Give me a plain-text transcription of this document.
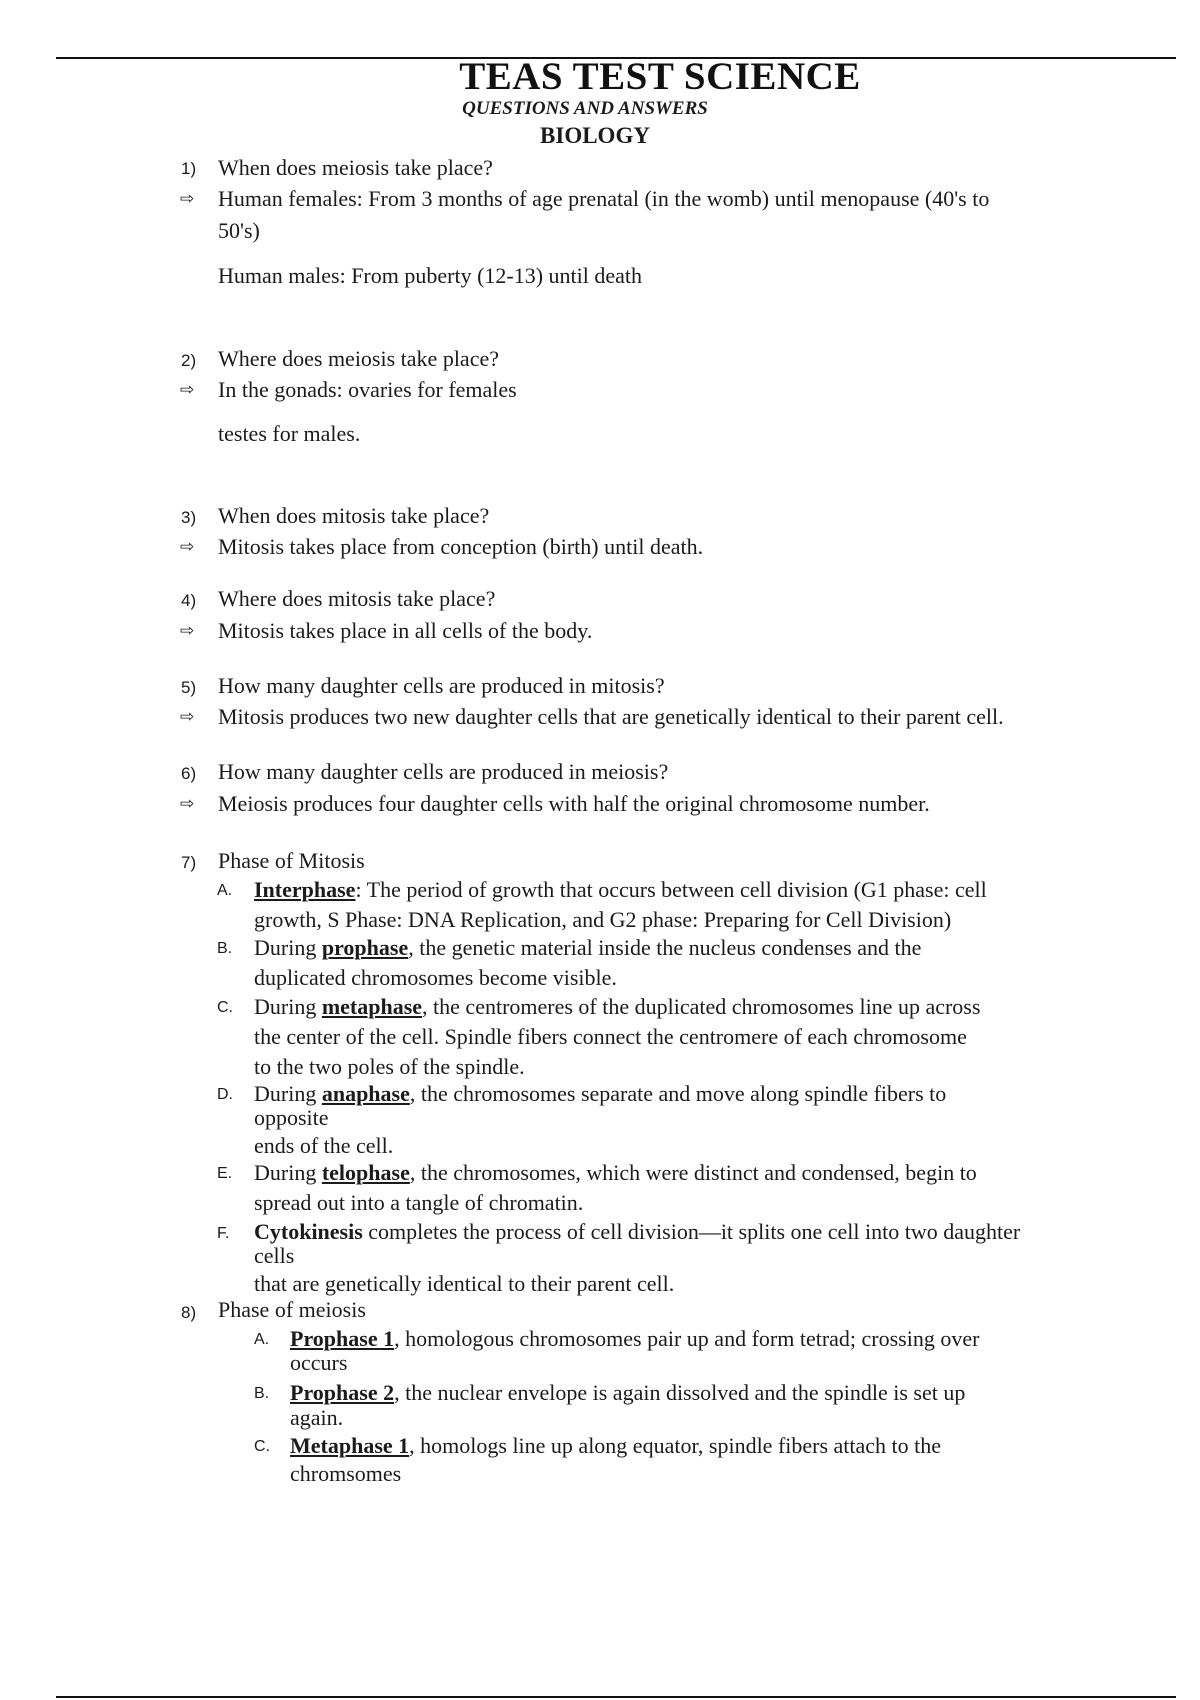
TEAS TEST SCIENCE
QUESTIONS AND ANSWERS
BIOLOGY
1) When does meiosis take place?
⇨ Human females: From 3 months of age prenatal (in the womb) until menopause (40's to
50's)
Human males: From puberty (12-13) until death
2) Where does meiosis take place?
⇨ In the gonads: ovaries for females
testes for males.
3) When does mitosis take place?
⇨ Mitosis takes place from conception (birth) until death.
4) Where does mitosis take place?
⇨ Mitosis takes place in all cells of the body.
5) How many daughter cells are produced in mitosis?
⇨ Mitosis produces two new daughter cells that are genetically identical to their parent cell.
6) How many daughter cells are produced in meiosis?
⇨ Meiosis produces four daughter cells with half the original chromosome number.
7) Phase of Mitosis
A. Interphase: The period of growth that occurs between cell division (G1 phase: cell
growth, S Phase: DNA Replication, and G2 phase: Preparing for Cell Division)
B. During prophase, the genetic material inside the nucleus condenses and the
duplicated chromosomes become visible.
C. During metaphase, the centromeres of the duplicated chromosomes line up across
the center of the cell. Spindle fibers connect the centromere of each chromosome
to the two poles of the spindle.
D. During anaphase, the chromosomes separate and move along spindle fibers to
opposite
ends of the cell.
E. During telophase, the chromosomes, which were distinct and condensed, begin to
spread out into a tangle of chromatin.
F. Cytokinesis completes the process of cell division—it splits one cell into two daughter
cells
that are genetically identical to their parent cell.
8) Phase of meiosis
A. Prophase 1, homologous chromosomes pair up and form tetrad; crossing over
occurs
B. Prophase 2, the nuclear envelope is again dissolved and the spindle is set up
again.
C. Metaphase 1, homologs line up along equator, spindle fibers attach to the
chromsomes
